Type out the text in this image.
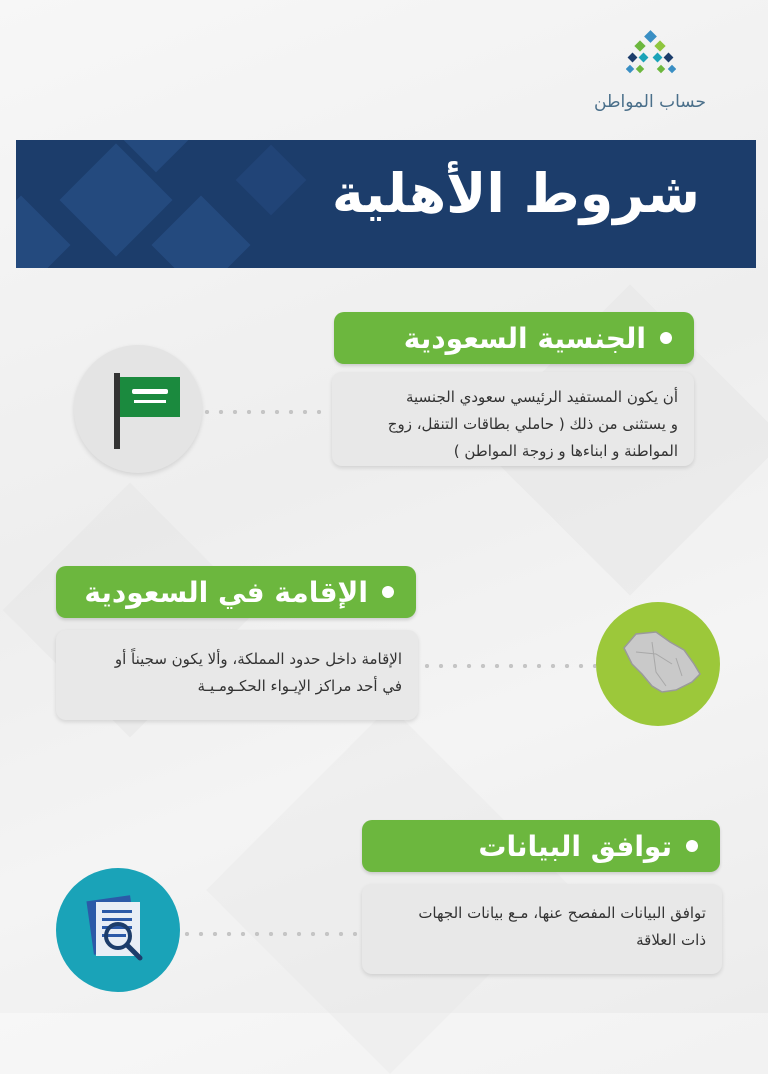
حساب المواطن
شروط الأهلية
الجنسية السعودية
أن يكون المستفيد الرئيسي سعودي الجنسية
و يستثنى من ذلك ( حاملي بطاقات التنقل، زوج
المواطنة و ابناءها و زوجة المواطن )
الإقامة في السعودية
الإقامة داخل حدود المملكة، وألا يكون سجيناً أو
في أحد مراكز الإيـواء الحكـومـيـة
توافق البيانات
توافق البيانات المفصح عنها، مـع بيانات الجهات
ذات العلاقة
